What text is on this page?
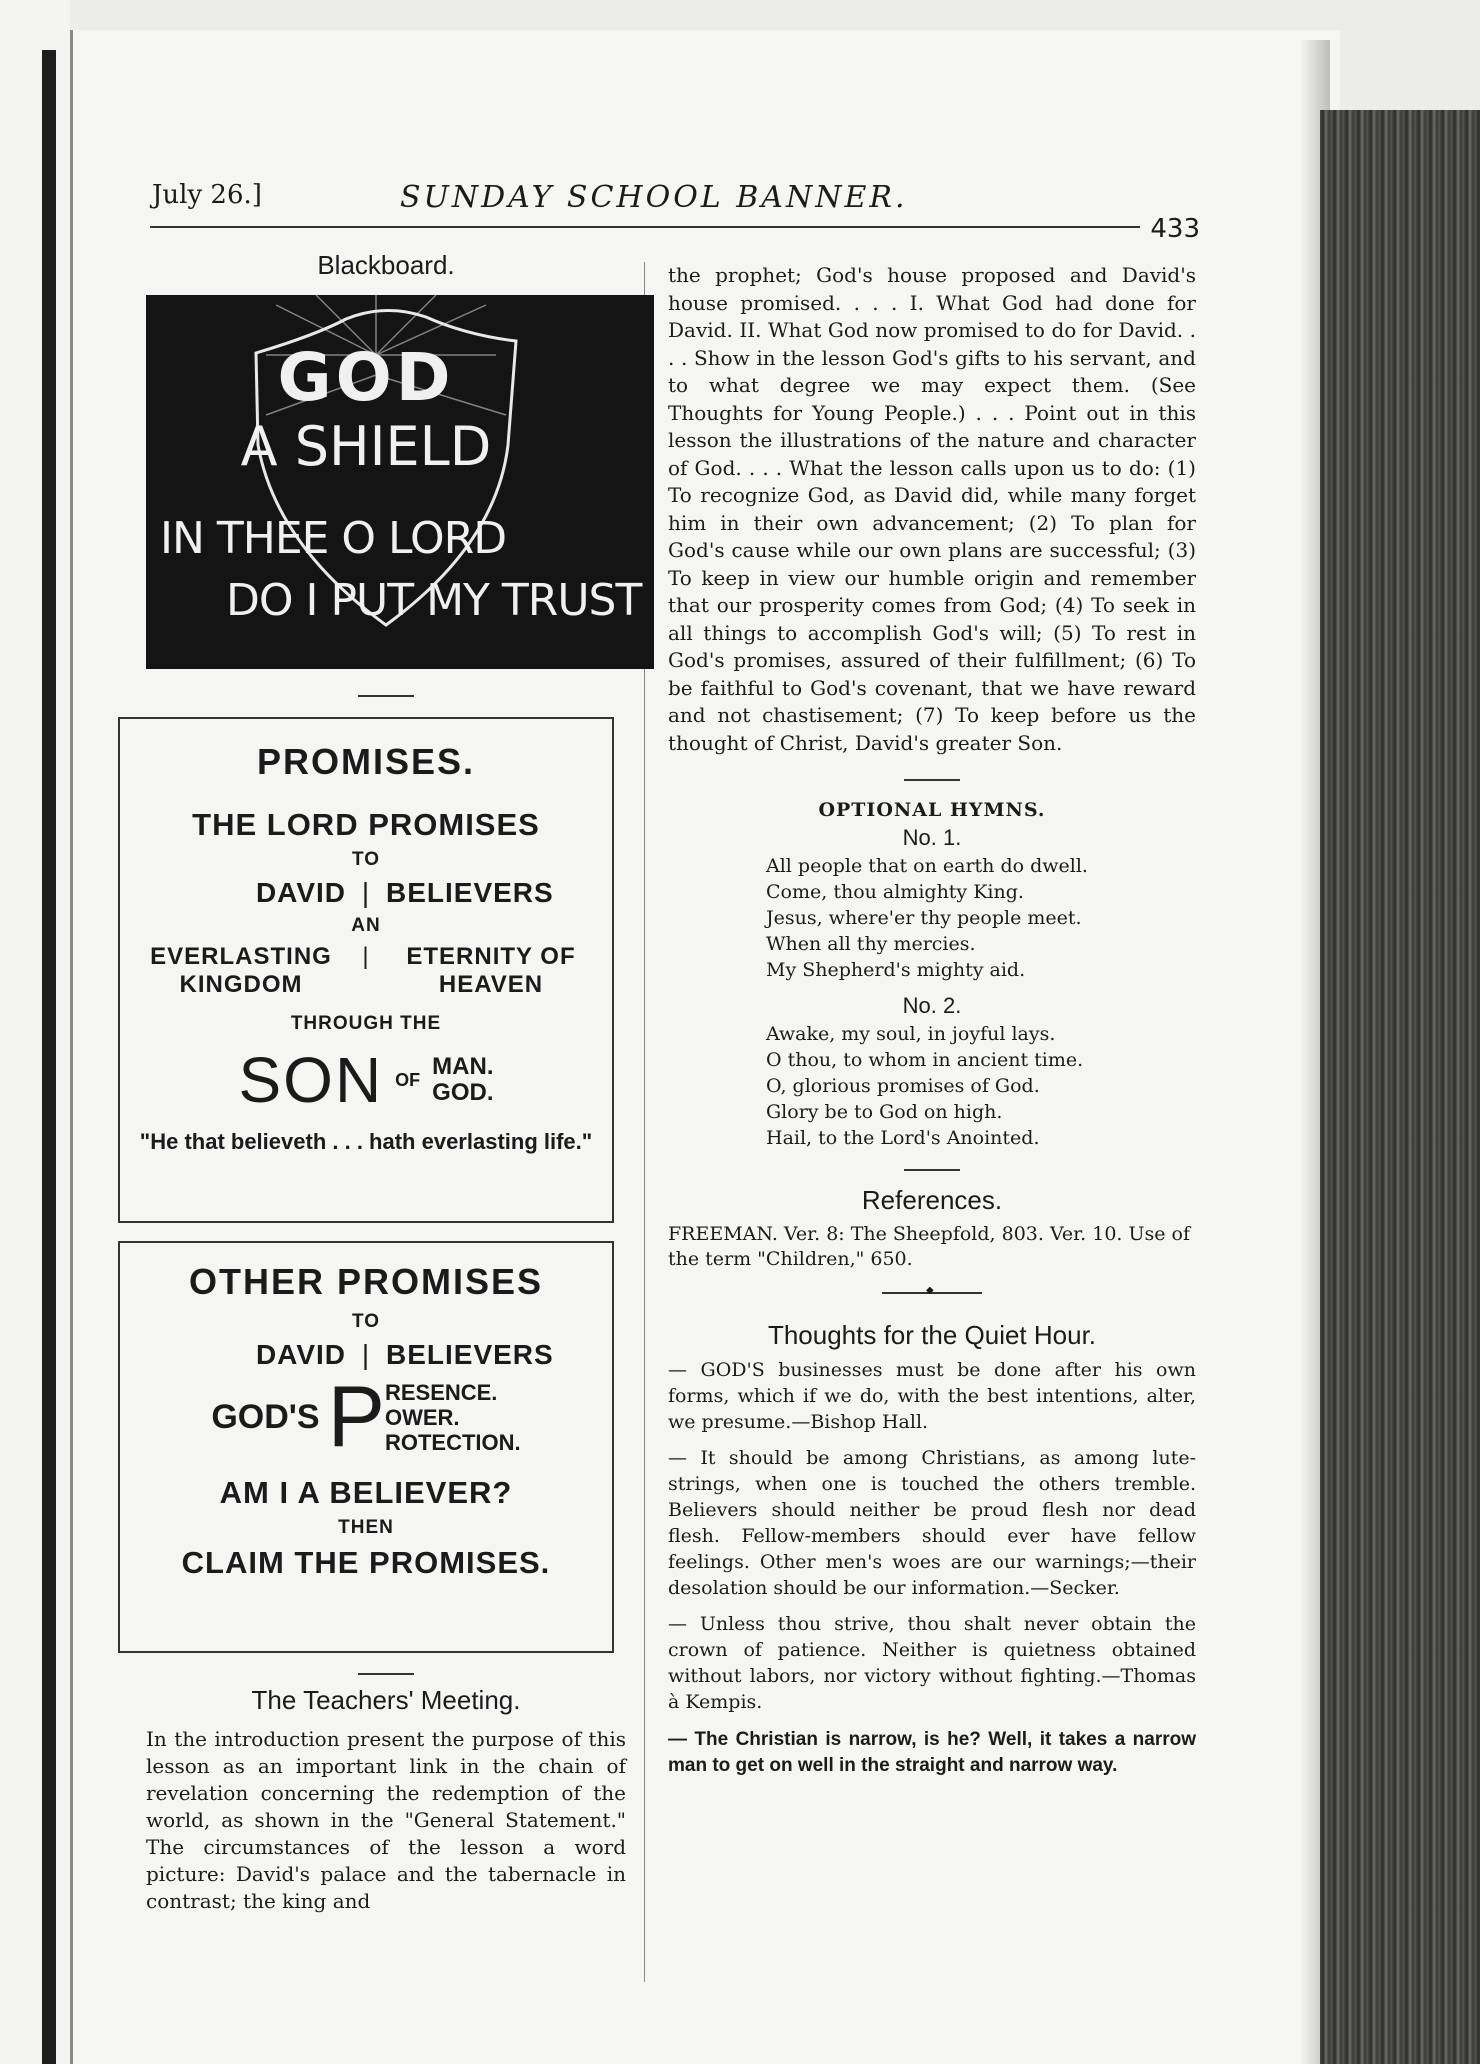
July 26.]	SUNDAY SCHOOL BANNER.
433
Blackboard.
GOD
A SHIELD
IN THEE O LORD
DO I PUT MY TRUST
PROMISES.
THE LORD PROMISES
TO
DAVID | BELIEVERS
AN
EVERLASTING
KINGDOM
|	ETERNITY OF
HEAVEN
THROUGH THE
SON OF MAN.
GOD.
"He that believeth . . . hath everlasting life."
OTHER PROMISES
TO
DAVID | BELIEVERS
GOD'S P RESENCE.
OWER.
ROTECTION.
AM I A BELIEVER?
THEN
CLAIM THE PROMISES.
The Teachers' Meeting.
In the introduction present the purpose of this lesson as an important link in the chain of revelation concerning the redemption of the world, as shown in the "General Statement." The circumstances of the lesson a word picture: David's palace and the tabernacle in contrast; the king and
the prophet; God's house proposed and David's house promised. . . . I. What God had done for David. II. What God now promised to do for David. . . . Show in the lesson God's gifts to his servant, and to what degree we may expect them. (See Thoughts for Young People.) . . . Point out in this lesson the illustrations of the nature and character of God. . . . What the lesson calls upon us to do: (1) To recognize God, as David did, while many forget him in their own advancement; (2) To plan for God's cause while our own plans are successful; (3) To keep in view our humble origin and remember that our prosperity comes from God; (4) To seek in all things to accomplish God's will; (5) To rest in God's promises, assured of their fulfillment; (6) To be faithful to God's covenant, that we have reward and not chastisement; (7) To keep before us the thought of Christ, David's greater Son.
OPTIONAL HYMNS.
No. 1.
All people that on earth do dwell.
Come, thou almighty King.
Jesus, where'er thy people meet.
When all thy mercies.
My Shepherd's mighty aid.
No. 2.
Awake, my soul, in joyful lays.
O thou, to whom in ancient time.
O, glorious promises of God.
Glory be to God on high.
Hail, to the Lord's Anointed.
References.
FREEMAN. Ver. 8: The Sheepfold, 803. Ver. 10. Use of the term "Children," 650.
◆
Thoughts for the Quiet Hour.
— GOD'S businesses must be done after his own forms, which if we do, with the best intentions, alter, we presume.—Bishop Hall.
— It should be among Christians, as among lute-strings, when one is touched the others tremble. Believers should neither be proud flesh nor dead flesh. Fellow-members should ever have fellow feelings. Other men's woes are our warnings;—their desolation should be our information.—Secker.
— Unless thou strive, thou shalt never obtain the crown of patience. Neither is quietness obtained without labors, nor victory without fighting.—Thomas à Kempis.
— The Christian is narrow, is he? Well, it takes a narrow man to get on well in the straight and narrow way.
